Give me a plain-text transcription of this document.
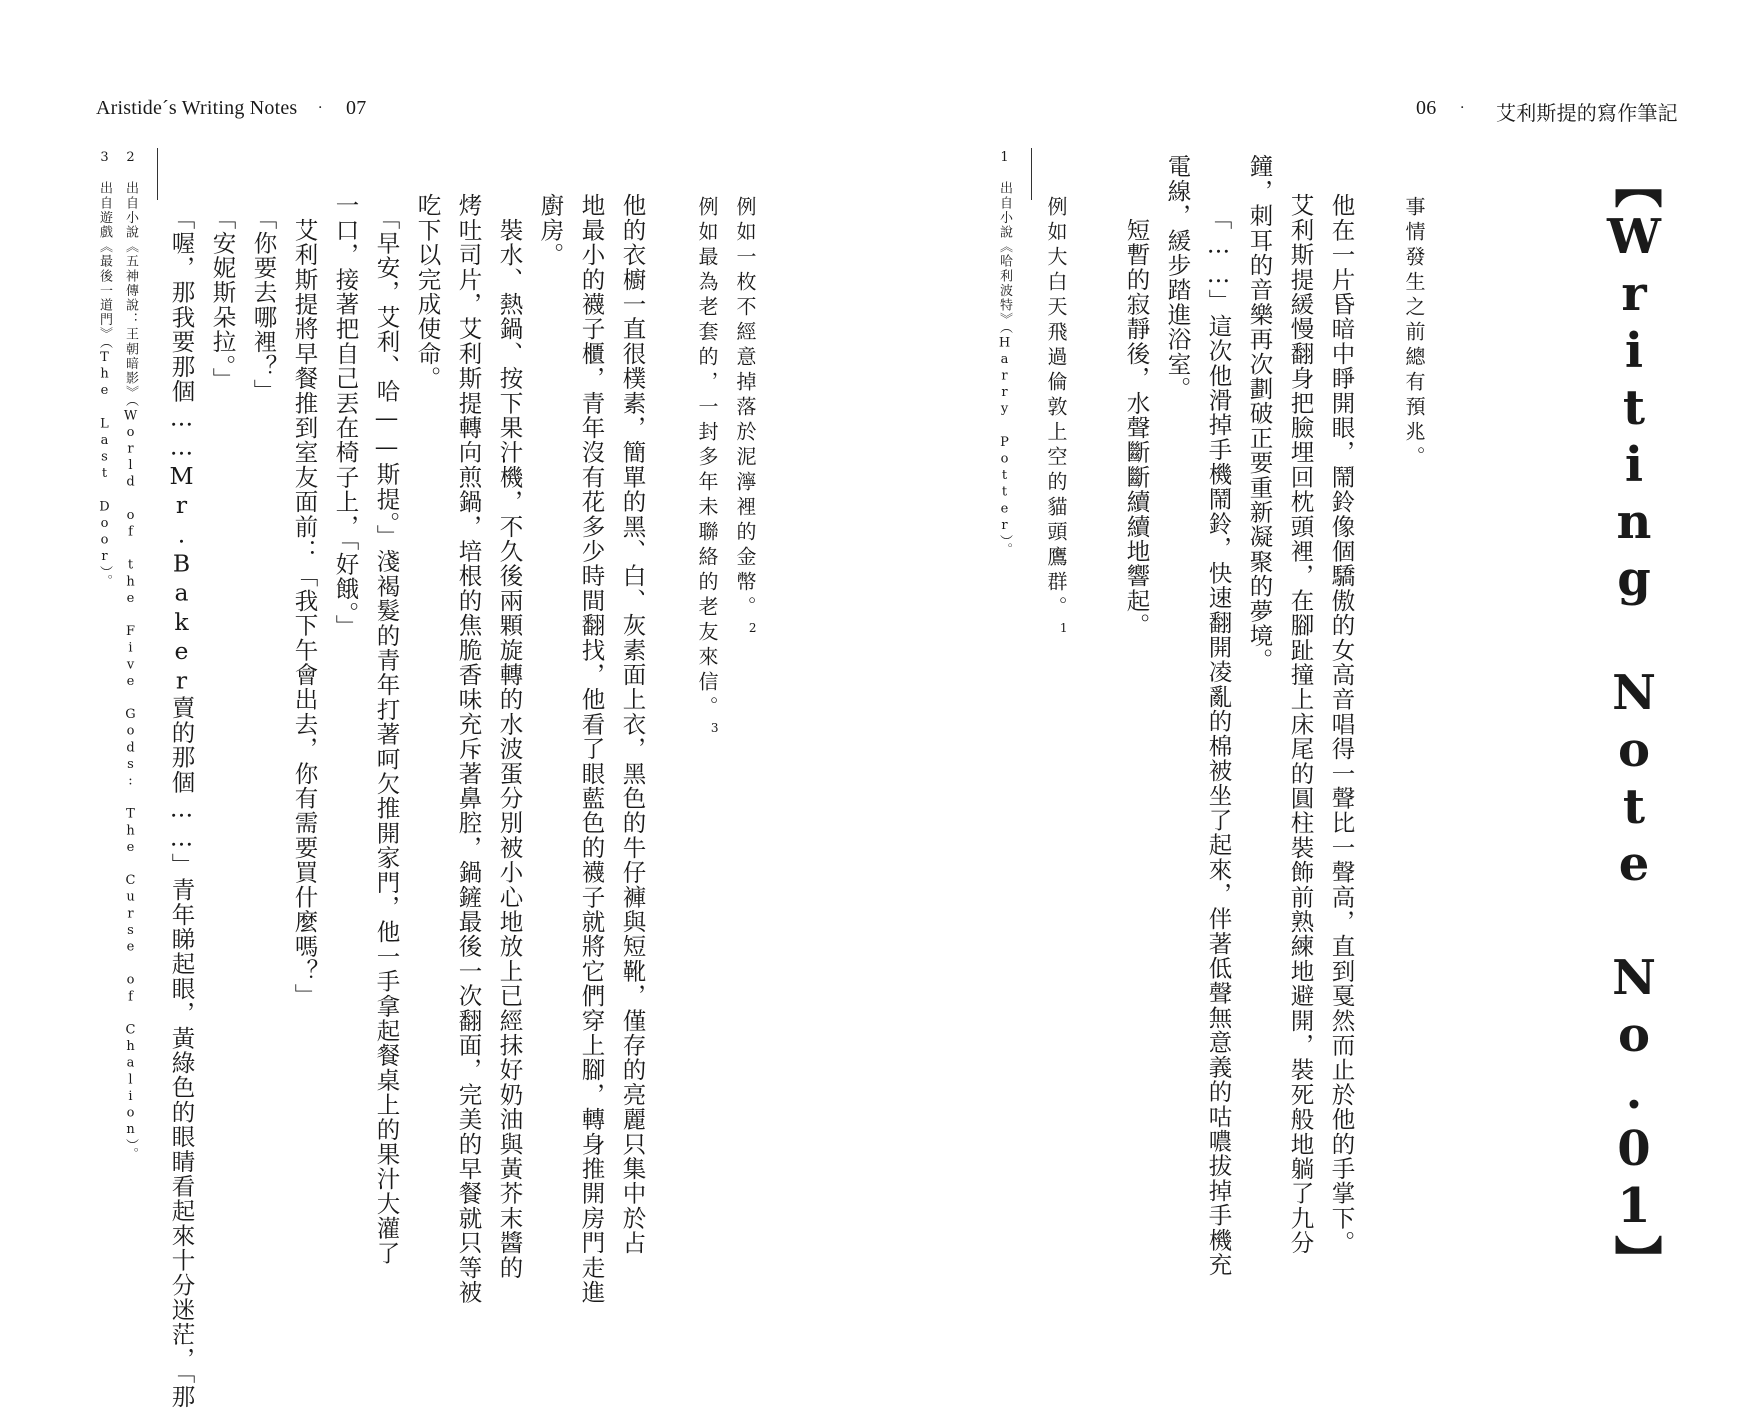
Aristide´s Writing Notes · 07
例如一枚不經意掉落於泥濘裡的金幣。$^2$
例如最為老套的，一封多年未聯絡的老友來信。$^3$
他的衣櫥一直很樸素，簡單的黑、白、灰素面上衣，黑色的牛仔褲與短靴，僅存的亮麗只集中於占
地最小的襪子櫃，青年沒有花多少時間翻找，他看了眼藍色的襪子就將它們穿上腳，轉身推開房門走進
廚房。
　裝水、熱鍋、按下果汁機，不久後兩顆旋轉的水波蛋分別被小心地放上已經抹好奶油與黃芥末醬的
烤吐司片，艾利斯提轉向煎鍋，培根的焦脆香味充斥著鼻腔，鍋鏟最後一次翻面，完美的早餐就只等被
吃下以完成使命。
　「早安，艾利、哈——斯提。」淺褐髮的青年打著呵欠推開家門，他一手拿起餐桌上的果汁大灌了
一口，接著把自己丟在椅子上，「好餓。」
　艾利斯提將早餐推到室友面前：「我下午會出去，你有需要買什麼嗎？」
　「你要去哪裡？」
　「安妮斯朵拉。」
　「喔，那我要那個……Mr.Baker賣的那個……」青年睇起眼，黃綠色的眼睛看起來十分迷茫，「那
2　出自小說《五神傳說：王朝暗影》（World of the Five Gods: The Curse of Chalion）。
3　出自遊戲《最後一道門》（The Last Door）。
06 · 艾利斯提的寫作筆記
【Writing Note No.01】
事情發生之前總有預兆。
他在一片昏暗中睜開眼，鬧鈴像個驕傲的女高音唱得一聲比一聲高，直到戛然而止於他的手掌下。
艾利斯提緩慢翻身把臉埋回枕頭裡，在腳趾撞上床尾的圓柱裝飾前熟練地避開，裝死般地躺了九分
鐘，刺耳的音樂再次劃破正要重新凝聚的夢境。
　「……」這次他滑掉手機鬧鈴，快速翻開凌亂的棉被坐了起來，伴著低聲無意義的咕噥拔掉手機充
電線，緩步踏進浴室。
　短暫的寂靜後，水聲斷斷續續地響起。
例如大白天飛過倫敦上空的貓頭鷹群。$^1$
1　出自小說《哈利波特》（Harry Potter）。
